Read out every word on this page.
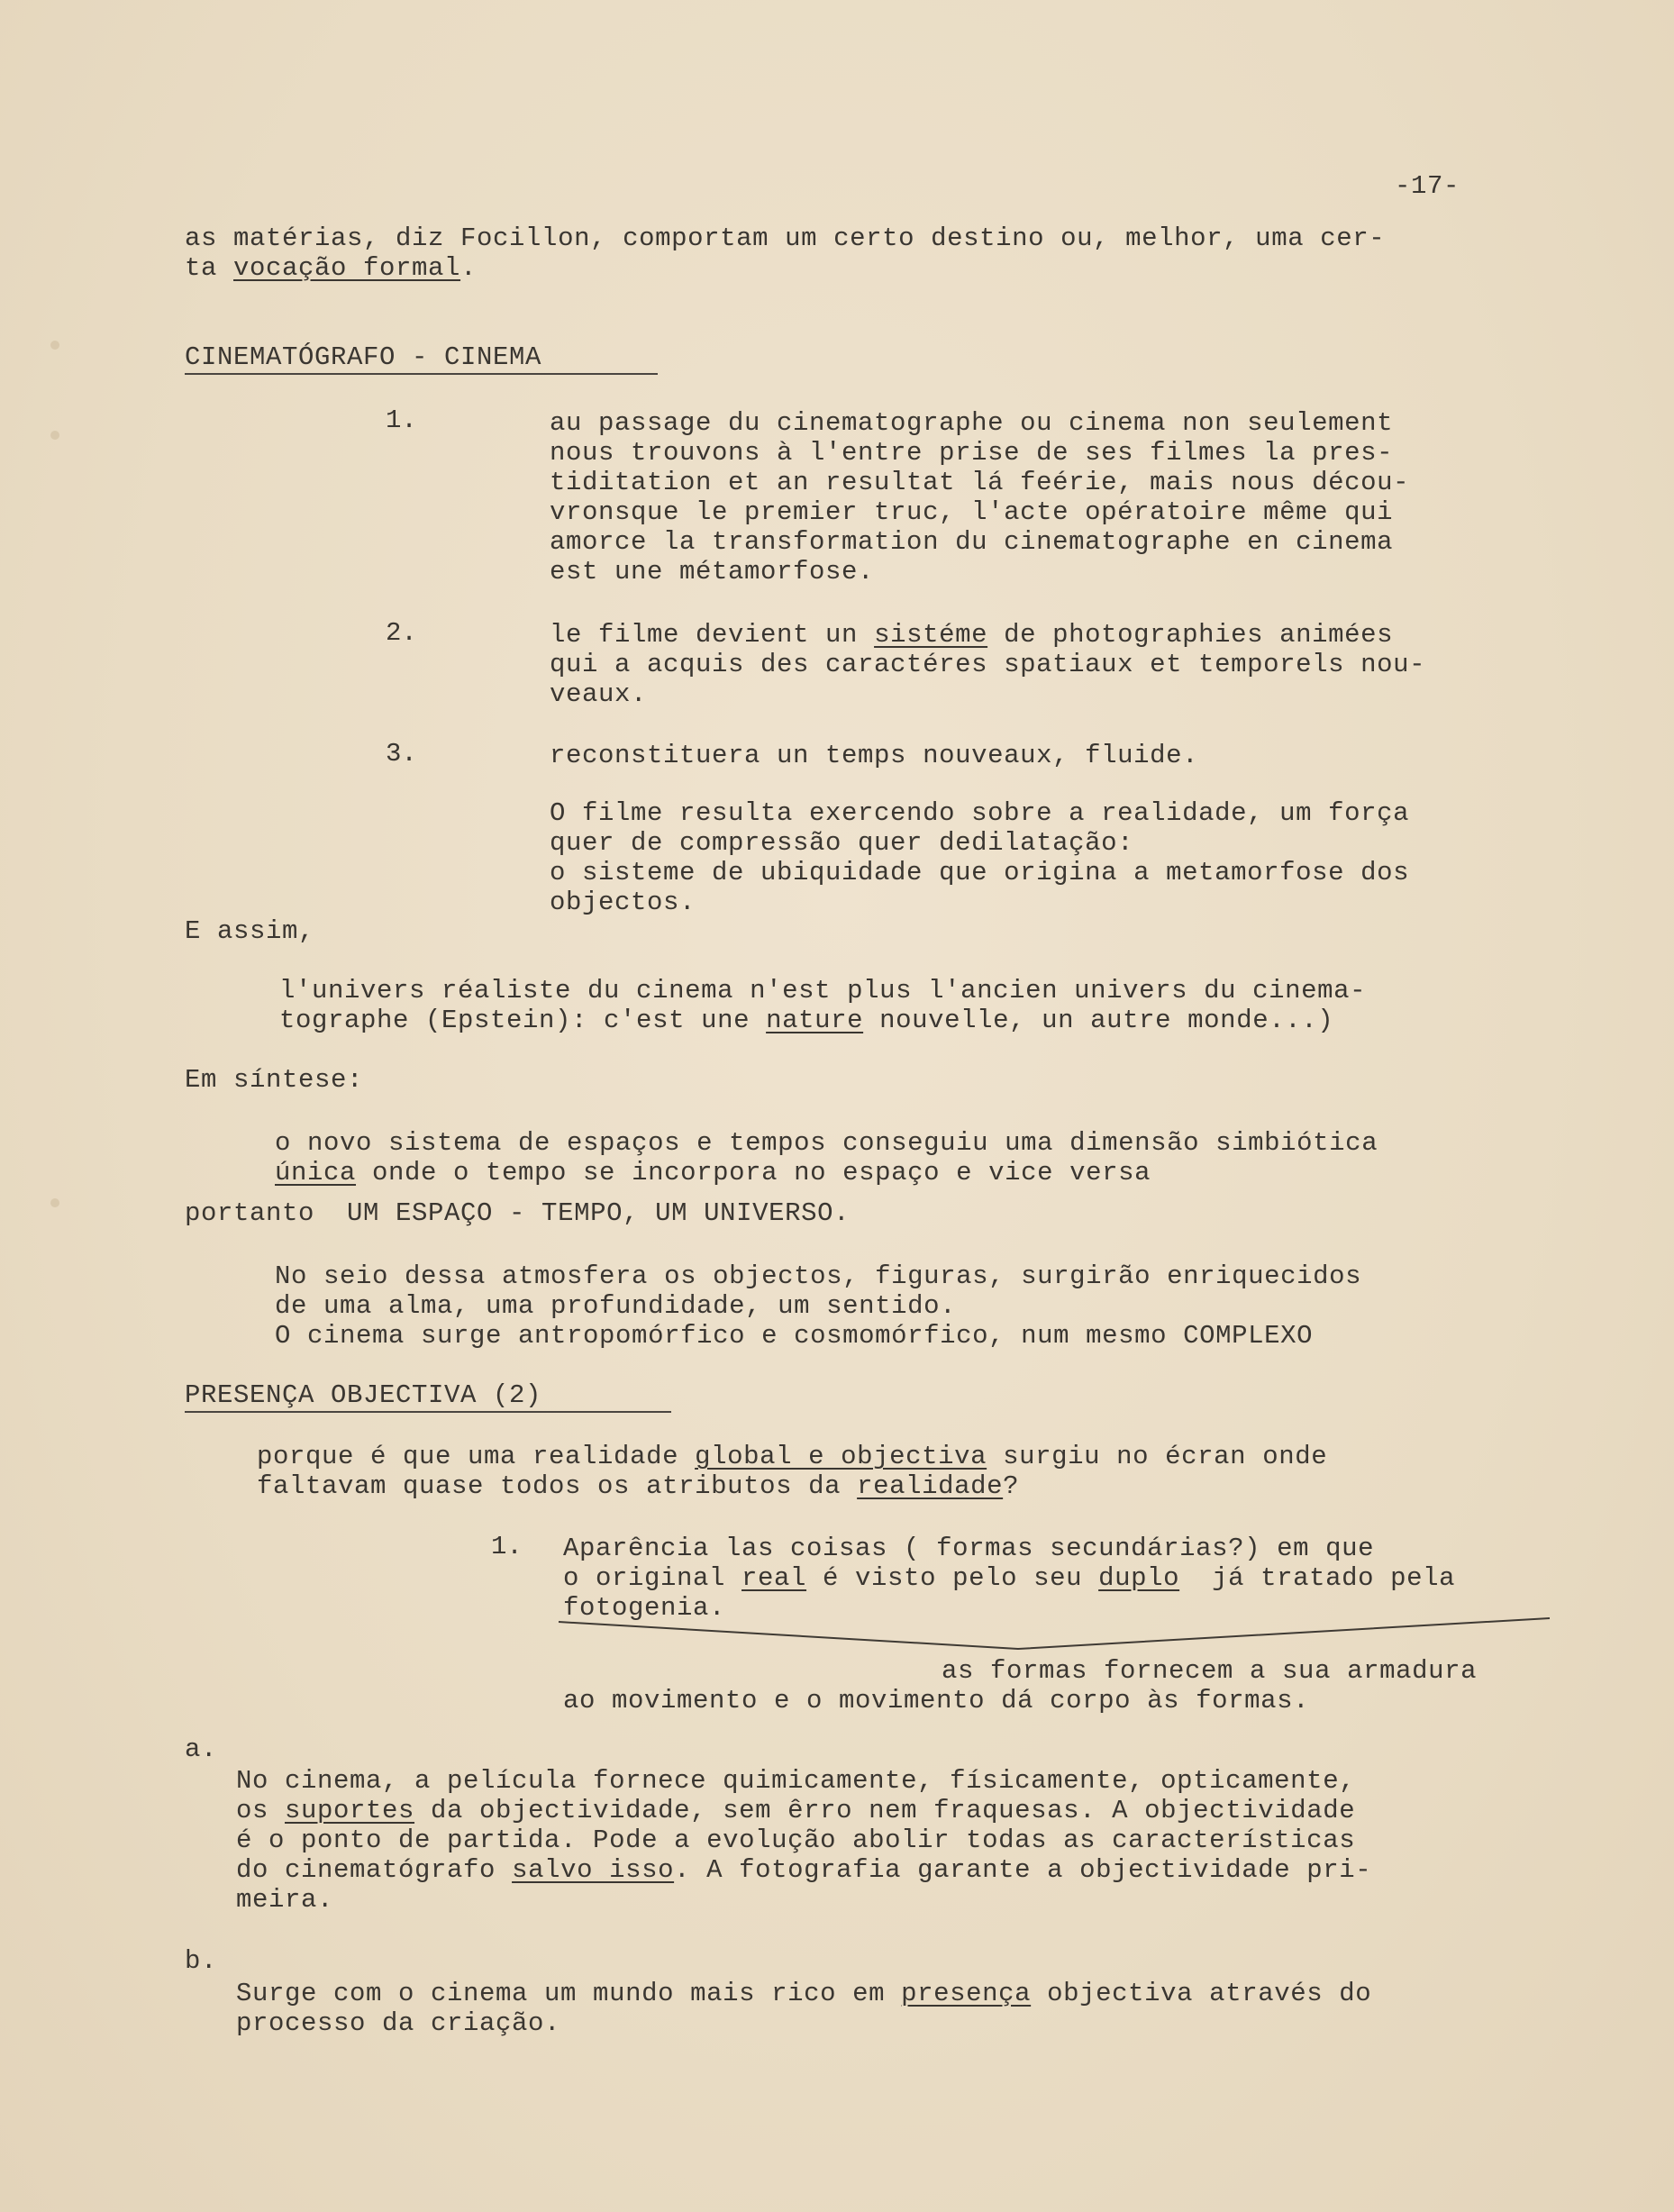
-17-
as matérias, diz Focillon, comportam um certo destino ou, melhor, uma cer-
ta vocação formal.
CINEMATÓGRAFO - CINEMA
1.	au passage du cinematographe ou cinema non seulement
nous trouvons à l'entre prise de ses filmes la pres-
tiditation et an resultat lá feérie, mais nous décou-
vronsque le premier truc, l'acte opératoire même qui
amorce la transformation du cinematographe en cinema
est une métamorfose.
2.	le filme devient un sistéme de photographies animées
qui a acquis des caractéres spatiaux et temporels nou-
veaux.
3.	reconstituera un temps nouveaux, fluide.
O filme resulta exercendo sobre a realidade, um força
quer de compressão quer dedilatação:
o sisteme de ubiquidade que origina a metamorfose dos
objectos.
E assim,
l'univers réaliste du cinema n'est plus l'ancien univers du cinema-
tographe (Epstein): c'est une nature nouvelle, un autre monde...)
Em síntese:
o novo sistema de espaços e tempos conseguiu uma dimensão simbiótica
única onde o tempo se incorpora no espaço e vice versa
portanto  UM ESPAÇO - TEMPO, UM UNIVERSO.
No seio dessa atmosfera os objectos, figuras, surgirão enriquecidos
de uma alma, uma profundidade, um sentido.
O cinema surge antropomórfico e cosmomórfico, num mesmo COMPLEXO
PRESENÇA OBJECTIVA (2)
porque é que uma realidade global e objectiva surgiu no écran onde
faltavam quase todos os atributos da realidade?
1. Aparência las coisas ( formas secundárias?) em que
o original real é visto pelo seu duplo  já tratado pela
fotogenia.
as formas fornecem a sua armadura
ao movimento e o movimento dá corpo às formas.
a.
No cinema, a película fornece quimicamente, físicamente, opticamente,
os suportes da objectividade, sem êrro nem fraquesas. A objectividade
é o ponto de partida. Pode a evolução abolir todas as características
do cinematógrafo salvo isso. A fotografia garante a objectividade pri-
meira.
b.
Surge com o cinema um mundo mais rico em presença objectiva através do
processo da criação.
